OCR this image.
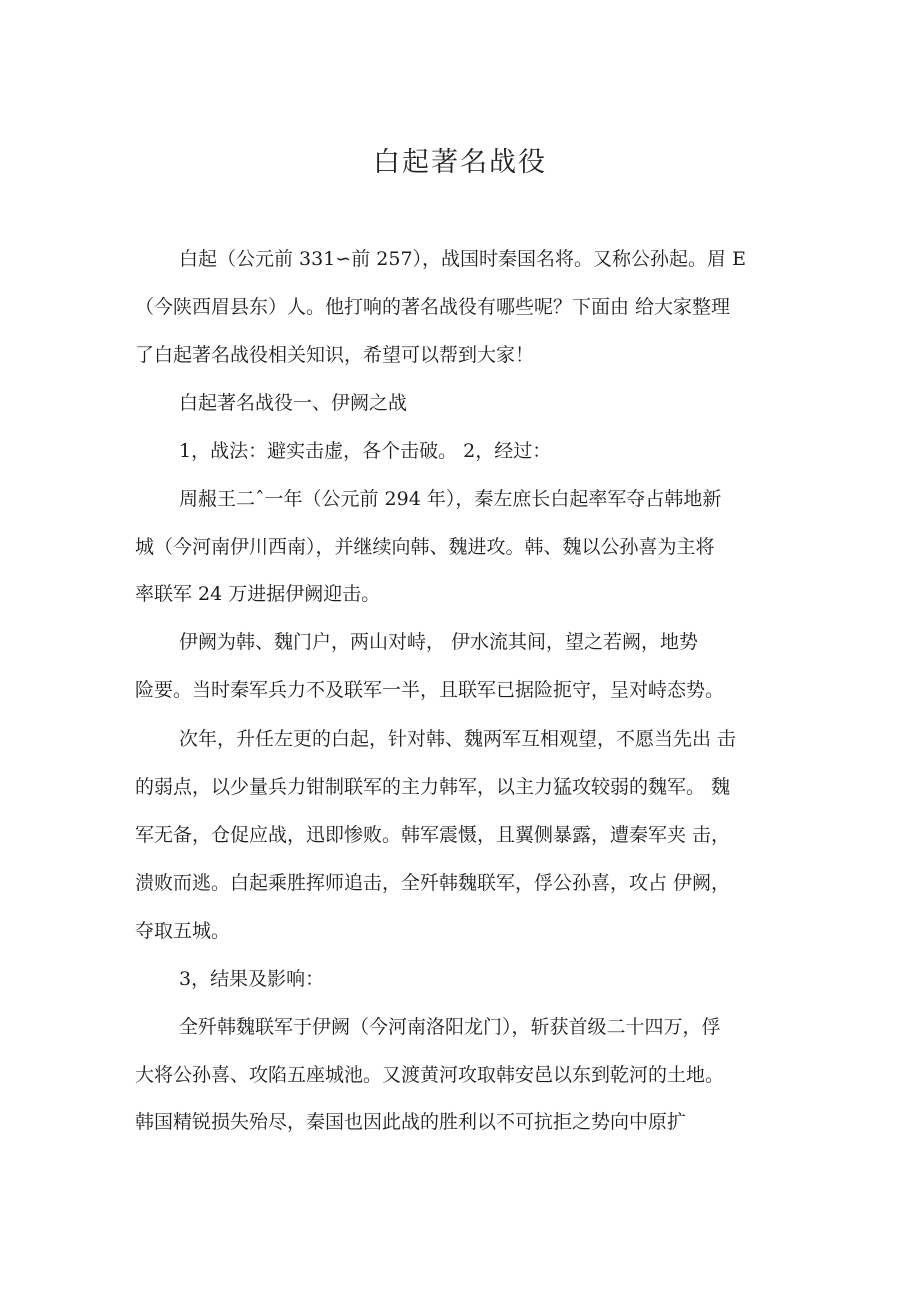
白起著名战役
白起（公元前 331∽前 257），战国时秦国名将。又称公孙起。眉 E
（今陕西眉县东）人。他打响的著名战役有哪些呢？下面由 给大家整理
了白起著名战役相关知识，希望可以帮到大家！
白起著名战役一、伊阙之战
1，战法：避实击虚，各个击破。 2，经过：
周赧王二ˆ一年（公元前 294 年），秦左庶长白起率军夺占韩地新
城（今河南伊川西南），并继续向韩、魏进攻。韩、魏以公孙喜为主将
率联军 24 万进据伊阙迎击。
伊阙为韩、魏门户，两山对峙， 伊水流其间，望之若阙，地势
险要。当时秦军兵力不及联军一半，且联军已据险扼守，呈对峙态势。
次年，升任左更的白起，针对韩、魏两军互相观望，不愿当先出 击
的弱点，以少量兵力钳制联军的主力韩军，以主力猛攻较弱的魏军。 魏
军无备，仓促应战，迅即惨败。韩军震慑，且翼侧暴露，遭秦军夹 击，
溃败而逃。白起乘胜挥师追击，全歼韩魏联军，俘公孙喜，攻占 伊阙，
夺取五城。
3，结果及影响：
全歼韩魏联军于伊阙（今河南洛阳龙门），斩获首级二十四万，俘
大将公孙喜、攻陷五座城池。又渡黄河攻取韩安邑以东到乾河的土地。
韩国精锐损失殆尽，秦国也因此战的胜利以不可抗拒之势向中原扩
